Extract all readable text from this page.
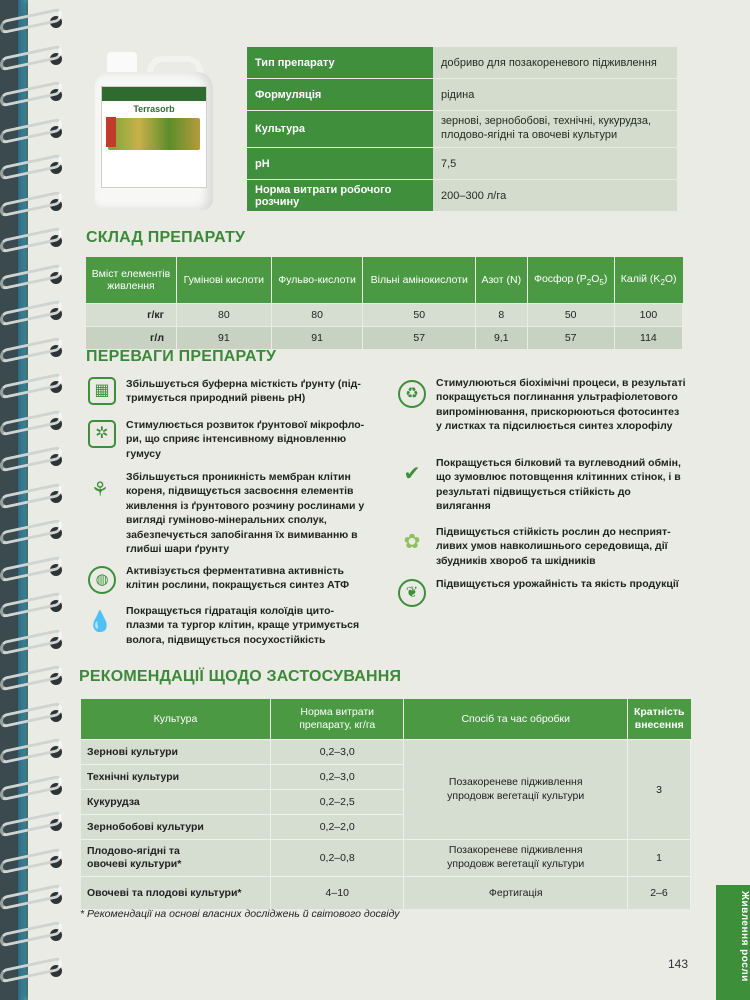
Terrasorb
Тип препарату	добриво для позакореневого підживлення
Формуляція	рідина
Культура	зернові, зернобобові, технічні, кукурудза, плодово-ягідні та овочеві культури
pH	7,5
Норма витрати робочого розчину	200–300 л/га
СКЛАД ПРЕПАРАТУ
Вміст елементів живлення	Гумінові кислоти	Фульво-кислоти	Вільні амінокислоти	Азот (N)	Фосфор $(P_2O_5)$	Калій $(K_2O)$
г/кг	80	80	50	8	50	100
г/л	91	91	57	9,1	57	114
ПЕРЕВАГИ ПРЕПАРАТУ
▦	Збільшується буферна місткість ґрунту (підтримується природний рівень pH)
✲	Стимулюється розвиток ґрунтової мікрофлори, що сприяє інтенсивному відновленню гумусу
⚘
Збільшується проникність мембран клітин кореня, підвищується засвоєння елементів живлення із ґрунтового розчину рослинами у вигляді гуміново-мінеральних сполук, забезпечується запобігання їх вимиванню в глибші шари ґрунту
◍	Активізується ферментативна активність клітин рослини, покращується синтез АТФ
💧 Покращується гідратація колоїдів цитоплазми та тургор клітин, краще утримується волога, підвищується посухостійкість
♻
Стимулюються біохімічні процеси, в результаті покращується поглинання ультрафіолетового випромінювання, прискорюються фотосинтез у листках та підсилюється синтез хлорофілу
✔	Покращується білковий та вуглеводний обмін, що зумовлює потовщення клітинних стінок, і в результаті підвищується стійкість до вилягання
✿	Підвищується стійкість рослин до несприятливих умов навколишнього середовища, дії збудників хвороб та шкідників
❦	Підвищується урожайність та якість продукції
РЕКОМЕНДАЦІЇ ЩОДО ЗАСТОСУВАННЯ
Культура	Норма витрати препарату, кг/га	Спосіб та час обробки	Кратність внесення
Зернові культури	0,2–3,0	Позакореневе підживлення упродовж вегетації культури	3
Технічні культури	0,2–3,0		
Кукурудза	0,2–2,5		
Зернобобові культури	0,2–2,0		
Плодово-ягідні та овочеві культури*	0,2–0,8	Позакореневе підживлення упродовж вегетації культури	1
Овочеві та плодові культури*	4–10	Фертигація	2–6
* Рекомендації на основі власних досліджень й світового досвіду
143	Живлення росли
